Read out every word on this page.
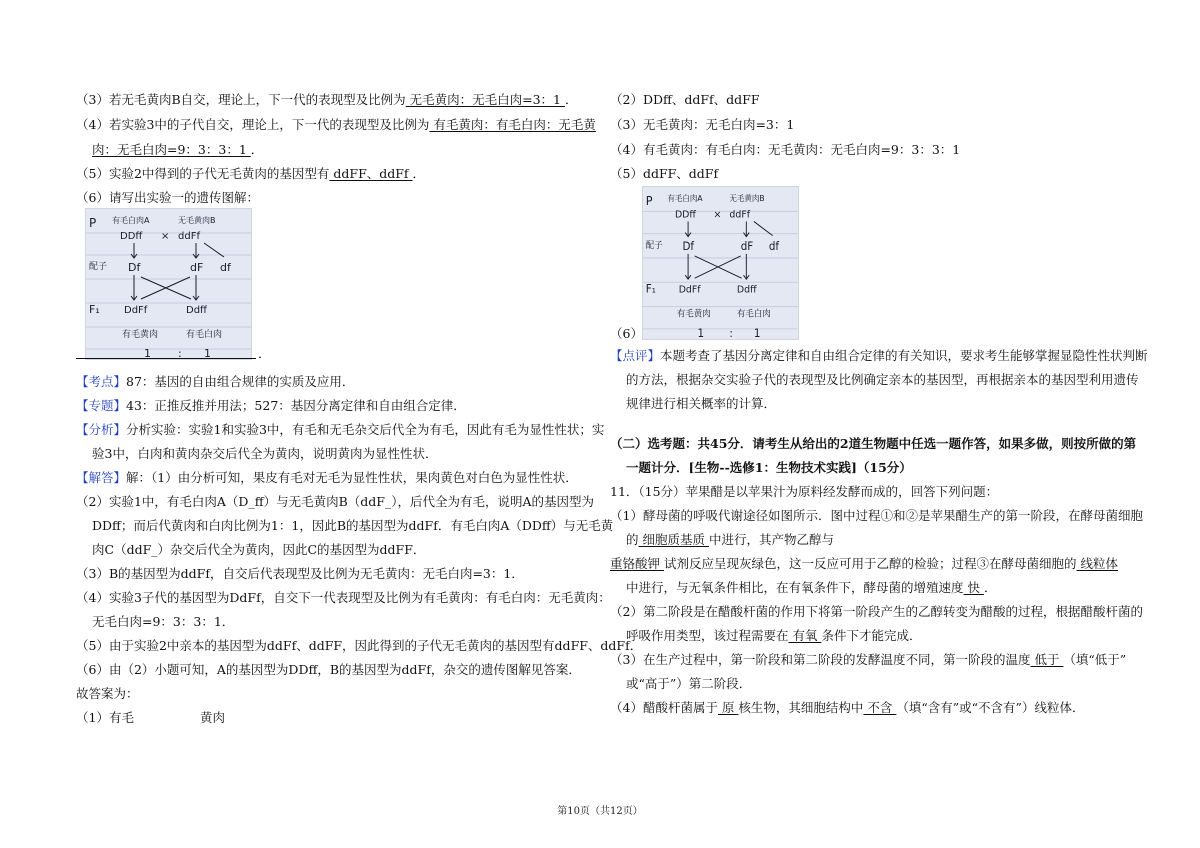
（3）若无毛黄肉B自交，理论上，下一代的表现型及比例为 无毛黄肉：无毛白肉=3：1 ．
（4）若实验3中的子代自交，理论上，下一代的表现型及比例为 有毛黄肉：有毛白肉：无毛黄
肉：无毛白肉=9：3：3：1 ．
（5）实验2中得到的子代无毛黄肉的基因型有 ddFF、ddFf ．
（6）请写出实验一的遗传图解：
P 有毛白肉A	无毛黄肉B
DDff × ddFf
配子 Df	dF df
F₁ DdFf	Ddff
有毛黄肉	有毛白肉
1 : 1	．
【考点】87：基因的自由组合规律的实质及应用．
【专题】43：正推反推并用法；527：基因分离定律和自由组合定律．
【分析】分析实验：实验1和实验3中，有毛和无毛杂交后代全为有毛，因此有毛为显性性状；实
验3中，白肉和黄肉杂交后代全为黄肉，说明黄肉为显性性状．
【解答】解：（1）由分析可知，果皮有毛对无毛为显性性状，果肉黄色对白色为显性性状．
（2）实验1中，有毛白肉A（D_ff）与无毛黄肉B（ddF_），后代全为有毛，说明A的基因型为
DDff；而后代黄肉和白肉比例为1：1，因此B的基因型为ddFf．有毛白肉A（DDff）与无毛黄
肉C（ddF_）杂交后代全为黄肉，因此C的基因型为ddFF．
（3）B的基因型为ddFf，自交后代表现型及比例为无毛黄肉：无毛白肉=3：1．
（4）实验3子代的基因型为DdFf，自交下一代表现型及比例为有毛黄肉：有毛白肉：无毛黄肉：
无毛白肉=9：3：3：1．
（5）由于实验2中亲本的基因型为ddFf、ddFF，因此得到的子代无毛黄肉的基因型有ddFF、ddFf．
（6）由（2）小题可知，A的基因型为DDff，B的基因型为ddFf，杂交的遗传图解见答案．
故答案为：
（1）有毛	黄肉
（2）DDff、ddFf、ddFF
（3）无毛黄肉：无毛白肉=3：1
（4）有毛黄肉：有毛白肉：无毛黄肉：无毛白肉=9：3：3：1
（5）ddFF、ddFf
P 有毛白肉A	无毛黄肉B
DDff × ddFf
配子 Df	dF df
F₁ DdFf	Ddff
有毛黄肉	有毛白肉
1 : 1
（6）
【点评】本题考查了基因分离定律和自由组合定律的有关知识，要求考生能够掌握显隐性性状判断
的方法，根据杂交实验子代的表现型及比例确定亲本的基因型，再根据亲本的基因型利用遗传
规律进行相关概率的计算．
（二）选考题：共45分．请考生从给出的2道生物题中任选一题作答，如果多做，则按所做的第
一题计分．[生物--选修1：生物技术实践]（15分）
11．（15分）苹果醋是以苹果汁为原料经发酵而成的，回答下列问题：
（1）酵母菌的呼吸代谢途径如图所示．图中过程①和②是苹果醋生产的第一阶段，在酵母菌细胞
的 细胞质基质 中进行，其产物乙醇与
重铬酸钾 试剂反应呈现灰绿色，这一反应可用于乙醇的检验；过程③在酵母菌细胞的 线粒体
中进行，与无氧条件相比，在有氧条件下，酵母菌的增殖速度 快 ．
（2）第二阶段是在醋酸杆菌的作用下将第一阶段产生的乙醇转变为醋酸的过程，根据醋酸杆菌的
呼吸作用类型，该过程需要在 有氧 条件下才能完成．
（3）在生产过程中，第一阶段和第二阶段的发酵温度不同，第一阶段的温度 低于 （填“低于”
或“高于”）第二阶段．
（4）醋酸杆菌属于 原 核生物，其细胞结构中 不含 （填“含有”或“不含有”）线粒体．
第10页（共12页）
